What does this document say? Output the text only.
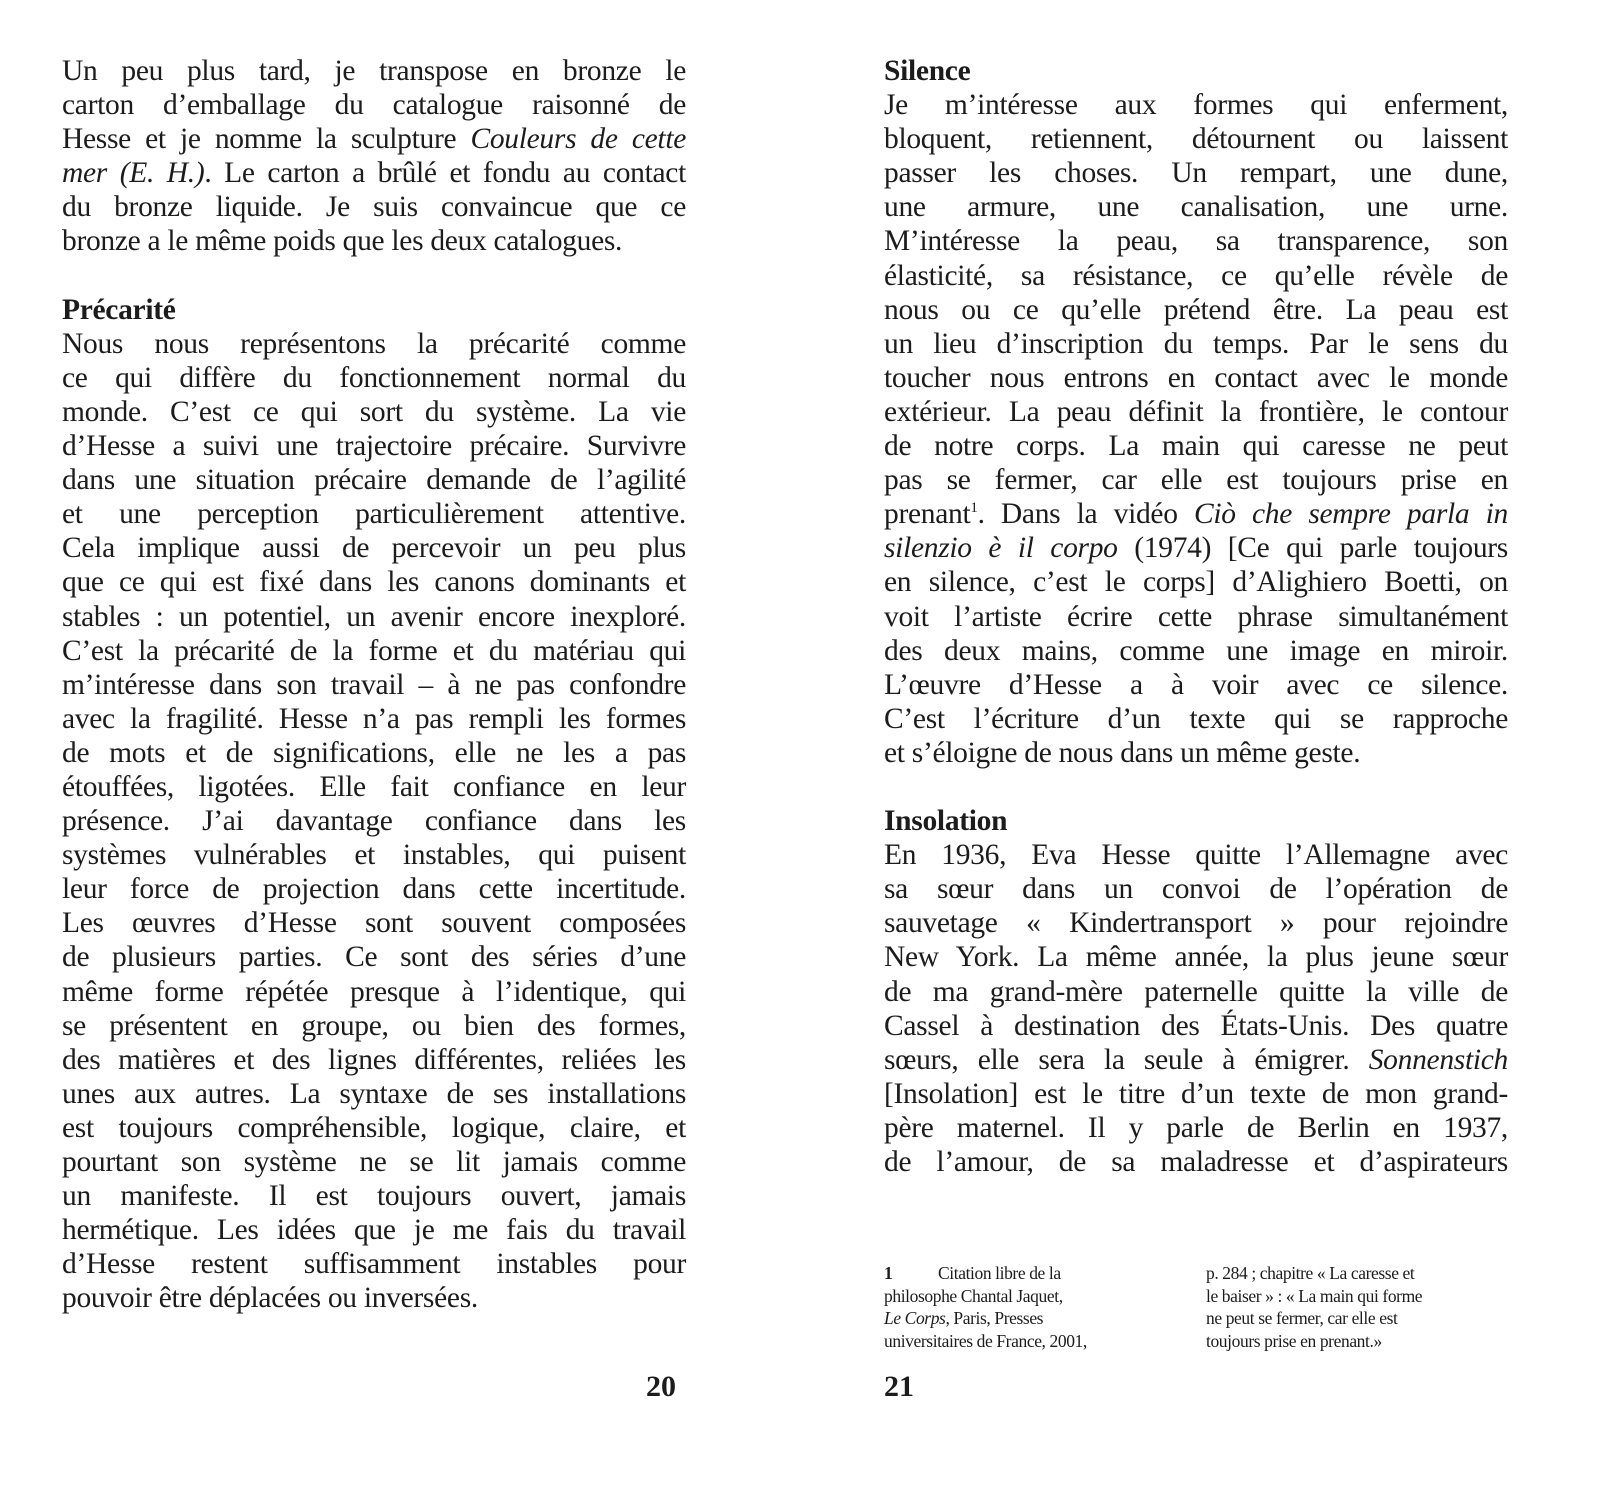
Un peu plus tard, je transpose en bronze le
carton d’emballage du catalogue raisonné de
Hesse et je nomme la sculpture Couleurs de cette
mer (E. H.). Le carton a brûlé et fondu au contact
du bronze liquide. Je suis convaincue que ce
bronze a le même poids que les deux catalogues.
Précarité
Nous nous représentons la précarité comme
ce qui diffère du fonctionnement normal du
monde. C’est ce qui sort du système. La vie
d’Hesse a suivi une trajectoire précaire. Survivre
dans une situation précaire demande de l’agilité
et une perception particulièrement attentive.
Cela implique aussi de percevoir un peu plus
que ce qui est fixé dans les canons dominants et
stables : un potentiel, un avenir encore inexploré.
C’est la précarité de la forme et du matériau qui
m’intéresse dans son travail – à ne pas confondre
avec la fragilité. Hesse n’a pas rempli les formes
de mots et de significations, elle ne les a pas
étouffées, ligotées. Elle fait confiance en leur
présence. J’ai davantage confiance dans les
systèmes vulnérables et instables, qui puisent
leur force de projection dans cette incertitude.
Les œuvres d’Hesse sont souvent composées
de plusieurs parties. Ce sont des séries d’une
même forme répétée presque à l’identique, qui
se présentent en groupe, ou bien des formes,
des matières et des lignes différentes, reliées les
unes aux autres. La syntaxe de ses installations
est toujours compréhensible, logique, claire, et
pourtant son système ne se lit jamais comme
un manifeste. Il est toujours ouvert, jamais
hermétique. Les idées que je me fais du travail
d’Hesse restent suffisamment instables pour
pouvoir être déplacées ou inversées.
Silence
Je m’intéresse aux formes qui enferment,
bloquent, retiennent, détournent ou laissent
passer les choses. Un rempart, une dune,
une armure, une canalisation, une urne.
M’intéresse la peau, sa transparence, son
élasticité, sa résistance, ce qu’elle révèle de
nous ou ce qu’elle prétend être. La peau est
un lieu d’inscription du temps. Par le sens du
toucher nous entrons en contact avec le monde
extérieur. La peau définit la frontière, le contour
de notre corps. La main qui caresse ne peut
pas se fermer, car elle est toujours prise en
prenant$^1$. Dans la vidéo Ciò che sempre parla in
silenzio è il corpo (1974) [Ce qui parle toujours
en silence, c’est le corps] d’Alighiero Boetti, on
voit l’artiste écrire cette phrase simultanément
des deux mains, comme une image en miroir.
L’œuvre d’Hesse a à voir avec ce silence.
C’est l’écriture d’un texte qui se rapproche
et s’éloigne de nous dans un même geste.
Insolation
En 1936, Eva Hesse quitte l’Allemagne avec
sa sœur dans un convoi de l’opération de
sauvetage « Kindertransport » pour rejoindre
New York. La même année, la plus jeune sœur
de ma grand-mère paternelle quitte la ville de
Cassel à destination des États-Unis. Des quatre
sœurs, elle sera la seule à émigrer. Sonnenstich
[Insolation] est le titre d’un texte de mon grand-
père maternel. Il y parle de Berlin en 1937,
de l’amour, de sa maladresse et d’aspirateurs
1	Citation libre de la
philosophe Chantal Jaquet,
Le Corps, Paris, Presses
universitaires de France, 2001,
p. 284 ; chapitre « La caresse et
le baiser » : « La main qui forme
ne peut se fermer, car elle est
toujours prise en prenant.»
20	21
